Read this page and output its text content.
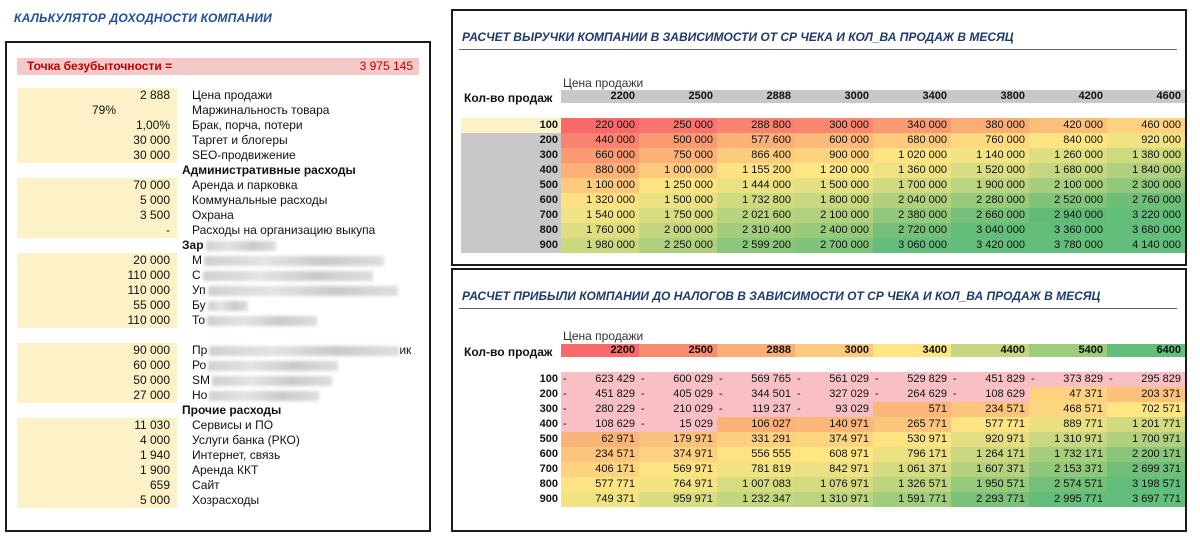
КАЛЬКУЛЯТОР ДОХОДНОСТИ КОМПАНИИ
Точка безубыточности =	3 975 145
2 888	Цена продажи
79%	Маржинальность товара
1,00%	Брак, порча, потери
30 000	Таргет и блогеры
30 000	SEO-продвижение
Административные расходы
70 000	Аренда и парковка
5 000	Коммунальные расходы
3 500	Охрана
-	Расходы на организацию выкупа
Зар
20 000	М
110 000	С
110 000	Уп
55 000	Бу
110 000	То
90 000	Пр	ик
60 000	Ро
50 000	SM
27 000	Но
Прочие расходы
11 030	Сервисы и ПО
4 000	Услуги банка (РКО)
1 940	Интернет, связь
1 900	Аренда ККТ
659	Сайт
5 000	Хозрасходы
РАСЧЕТ ВЫРУЧКИ КОМПАНИИ В ЗАВИСИМОСТИ ОТ СР ЧЕКА И КОЛ_ВА ПРОДАЖ В МЕСЯЦ
Цена продажи
Кол-во продаж	2200	2500	2888	3000	3400	3800	4200	4600
100	220 000	250 000	288 800	300 000	340 000	380 000	420 000	460 000
200	440 000	500 000	577 600	600 000	680 000	760 000	840 000	920 000
300	660 000	750 000	866 400	900 000	1 020 000	1 140 000	1 260 000	1 380 000
400	880 000	1 000 000	1 155 200	1 200 000	1 360 000	1 520 000	1 680 000	1 840 000
500	1 100 000	1 250 000	1 444 000	1 500 000	1 700 000	1 900 000	2 100 000	2 300 000
600	1 320 000	1 500 000	1 732 800	1 800 000	2 040 000	2 280 000	2 520 000	2 760 000
700	1 540 000	1 750 000	2 021 600	2 100 000	2 380 000	2 660 000	2 940 000	3 220 000
800	1 760 000	2 000 000	2 310 400	2 400 000	2 720 000	3 040 000	3 360 000	3 680 000
900	1 980 000	2 250 000	2 599 200	2 700 000	3 060 000	3 420 000	3 780 000	4 140 000
РАСЧЕТ ПРИБЫЛИ КОМПАНИИ ДО НАЛОГОВ В ЗАВИСИМОСТИ ОТ СР ЧЕКА И КОЛ_ВА ПРОДАЖ В МЕСЯЦ
Цена продажи
Кол-во продаж	2200	2500	2888	3000	3400	4400	5400	6400
100 -	623 429 -	600 029 -	569 765 -	561 029 -	529 829 -	451 829 -	373 829 -	295 829
200 -	451 829 -	405 029 -	344 501 -	327 029 -	264 629 -	108 629	47 371	203 371
300 -	280 229 -	210 029 -	119 237 -	93 029	571	234 571	468 571	702 571
400 -	108 629 -	15 029	106 027	140 971	265 771	577 771	889 771	1 201 771
500	62 971	179 971	331 291	374 971	530 971	920 971	1 310 971	1 700 971
600	234 571	374 971	556 555	608 971	796 171	1 264 171	1 732 171	2 200 171
700	406 171	569 971	781 819	842 971	1 061 371	1 607 371	2 153 371	2 699 371
800	577 771	764 971	1 007 083	1 076 971	1 326 571	1 950 571	2 574 571	3 198 571
900	749 371	959 971	1 232 347	1 310 971	1 591 771	2 293 771	2 995 771	3 697 771
